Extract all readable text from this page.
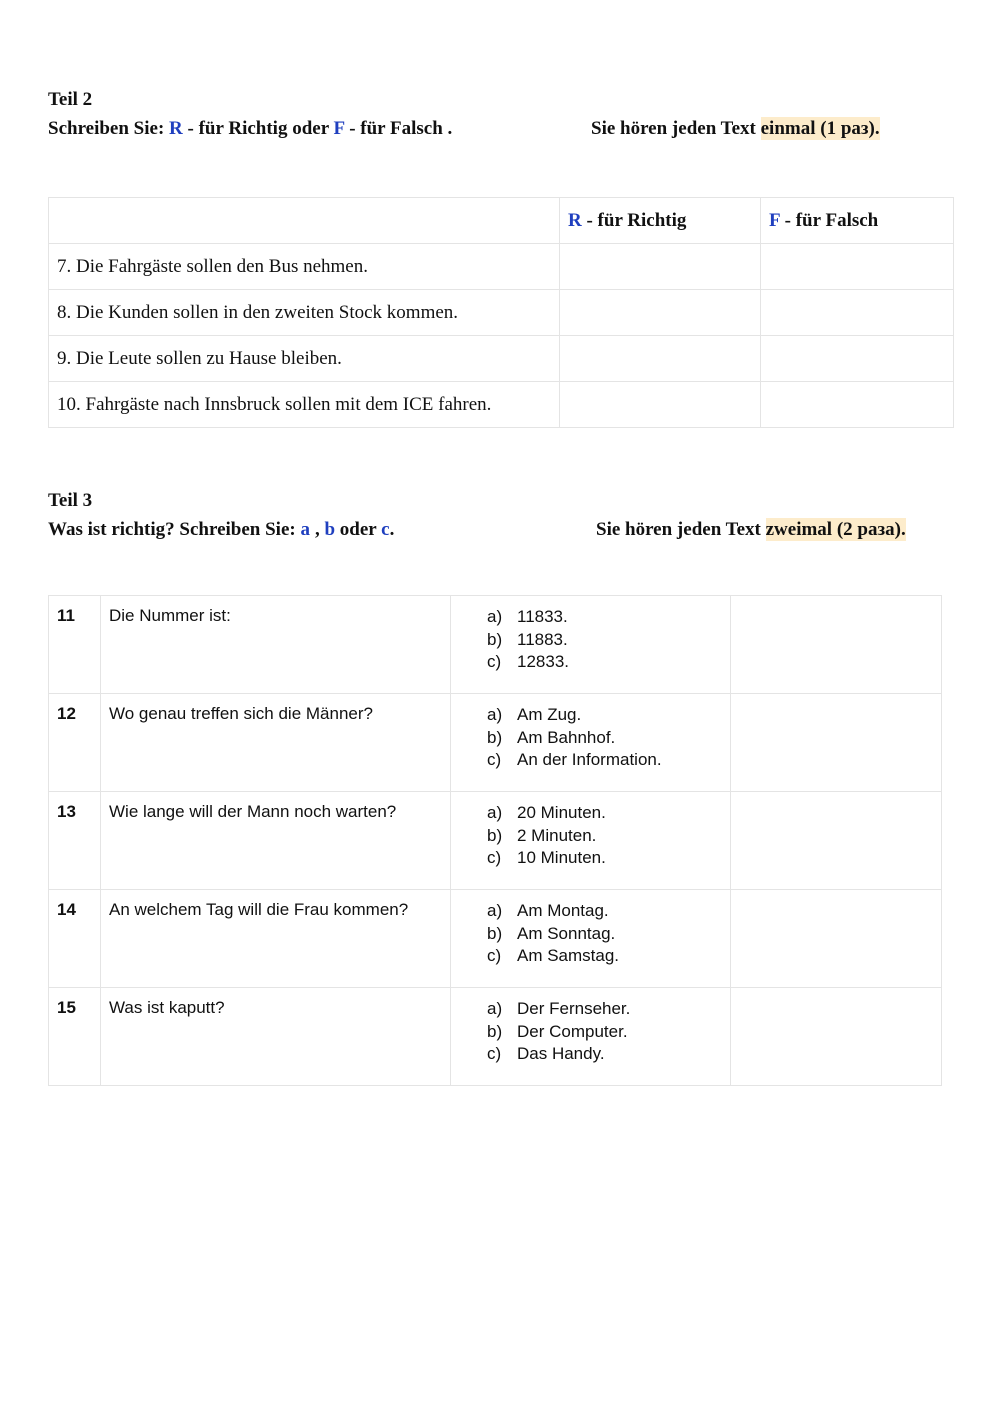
Teil 2
Schreiben Sie: R - für Richtig oder F - für Falsch .	Sie hören jeden Text einmal (1 раз).
	R - für Richtig	F - für Falsch
7. Die Fahrgäste sollen den Bus nehmen.		
8. Die Kunden sollen in den zweiten Stock kommen.		
9. Die Leute sollen zu Hause bleiben.		
10. Fahrgäste nach Innsbruck sollen mit dem ICE fahren.		
Teil 3
Was ist richtig? Schreiben Sie: a , b oder c.	Sie hören jeden Text zweimal (2 раза).
11	Die Nummer ist:	a) 11833.
b) 11883.
c) 12833.	

12	Wo genau treffen sich die Männer?	a) Am Zug.
b) Am Bahnhof.
c) An der Information.	

13	Wie lange will der Mann noch warten?	a) 20 Minuten.
b) 2 Minuten.
c) 10 Minuten.	

14	An welchem Tag will die Frau kommen?	a) Am Montag.
b) Am Sonntag.
c) Am Samstag.	

15	Was ist kaputt?	a) Der Fernseher.
b) Der Computer.
c) Das Handy.	
